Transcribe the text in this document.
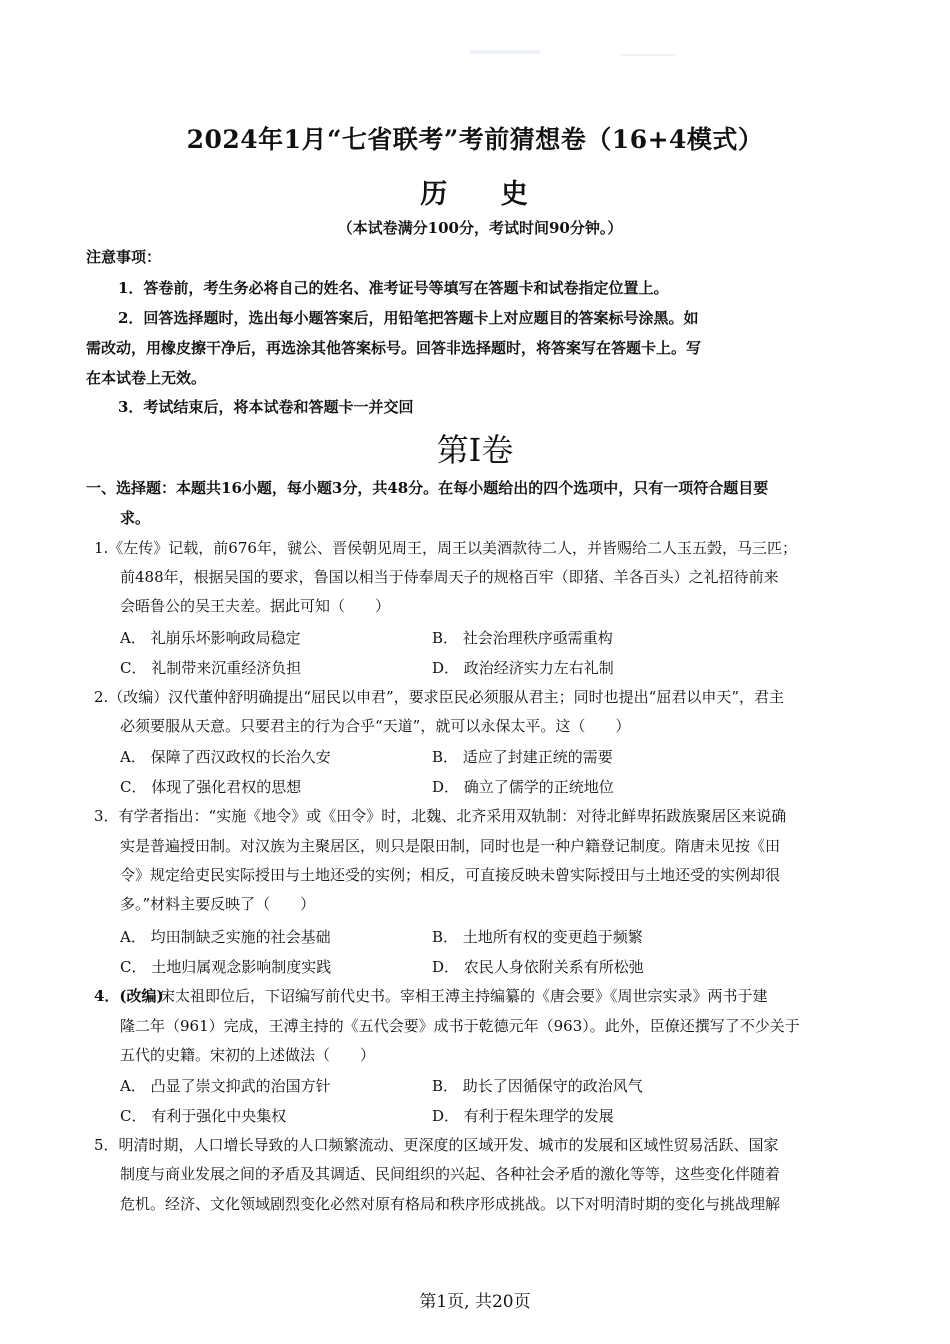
2024年1月“七省联考”考前猜想卷（16+4模式）
历 史
（本试卷满分100分，考试时间90分钟。）
注意事项：
1．答卷前，考生务必将自己的姓名、准考证号等填写在答题卡和试卷指定位置上。
2．回答选择题时，选出每小题答案后，用铅笔把答题卡上对应题目的答案标号涂黑。如
需改动，用橡皮擦干净后，再选涂其他答案标号。回答非选择题时，将答案写在答题卡上。写
在本试卷上无效。
3．考试结束后，将本试卷和答题卡一并交回
第I卷
一、选择题：本题共16小题，每小题3分，共48分。在每小题给出的四个选项中，只有一项符合题目要
求。
1.《左传》记载，前676年，虢公、晋侯朝见周王，周王以美酒款待二人，并皆赐给二人玉五瑴，马三匹；
前488年，根据吴国的要求，鲁国以相当于侍奉周天子的规格百牢（即猪、羊各百头）之礼招待前来
会晤鲁公的吴王夫差。据此可知（　　）
A． 礼崩乐坏影响政局稳定	B． 社会治理秩序亟需重构
C． 礼制带来沉重经济负担	D． 政治经济实力左右礼制
2.（改编）汉代董仲舒明确提出“屈民以申君”，要求臣民必须服从君主；同时也提出“屈君以申天”，君主
必须要服从天意。只要君主的行为合乎“天道”，就可以永保太平。这（　　）
A． 保障了西汉政权的长治久安	B． 适应了封建正统的需要
C． 体现了强化君权的思想	D． 确立了儒学的正统地位
3．有学者指出：“实施《地令》或《田令》时，北魏、北齐采用双轨制：对待北鲜卑拓跋族聚居区来说确
实是普遍授田制。对汉族为主聚居区，则只是限田制，同时也是一种户籍登记制度。隋唐未见按《田
令》规定给吏民实际授田与土地还受的实例；相反，可直接反映未曾实际授田与土地还受的实例却很
多。”材料主要反映了（　　）
A． 均田制缺乏实施的社会基础	B． 土地所有权的变更趋于频繁
C． 土地归属观念影响制度实践	D． 农民人身依附关系有所松弛
4．(改编)
宋太祖即位后，下诏编写前代史书。宰相王溥主持编纂的《唐会要》《周世宗实录》两书于建
隆二年（961）完成，王溥主持的《五代会要》成书于乾德元年（963）。此外，臣僚还撰写了不少关于
五代的史籍。宋初的上述做法（　　）
A． 凸显了崇文抑武的治国方针	B． 助长了因循保守的政治风气
C． 有利于强化中央集权	D． 有利于程朱理学的发展
5．明清时期，人口增长导致的人口频繁流动、更深度的区域开发、城市的发展和区域性贸易活跃、国家
制度与商业发展之间的矛盾及其调适、民间组织的兴起、各种社会矛盾的激化等等，这些变化伴随着
危机。经济、文化领域剧烈变化必然对原有格局和秩序形成挑战。以下对明清时期的变化与挑战理解
第1页, 共20页
